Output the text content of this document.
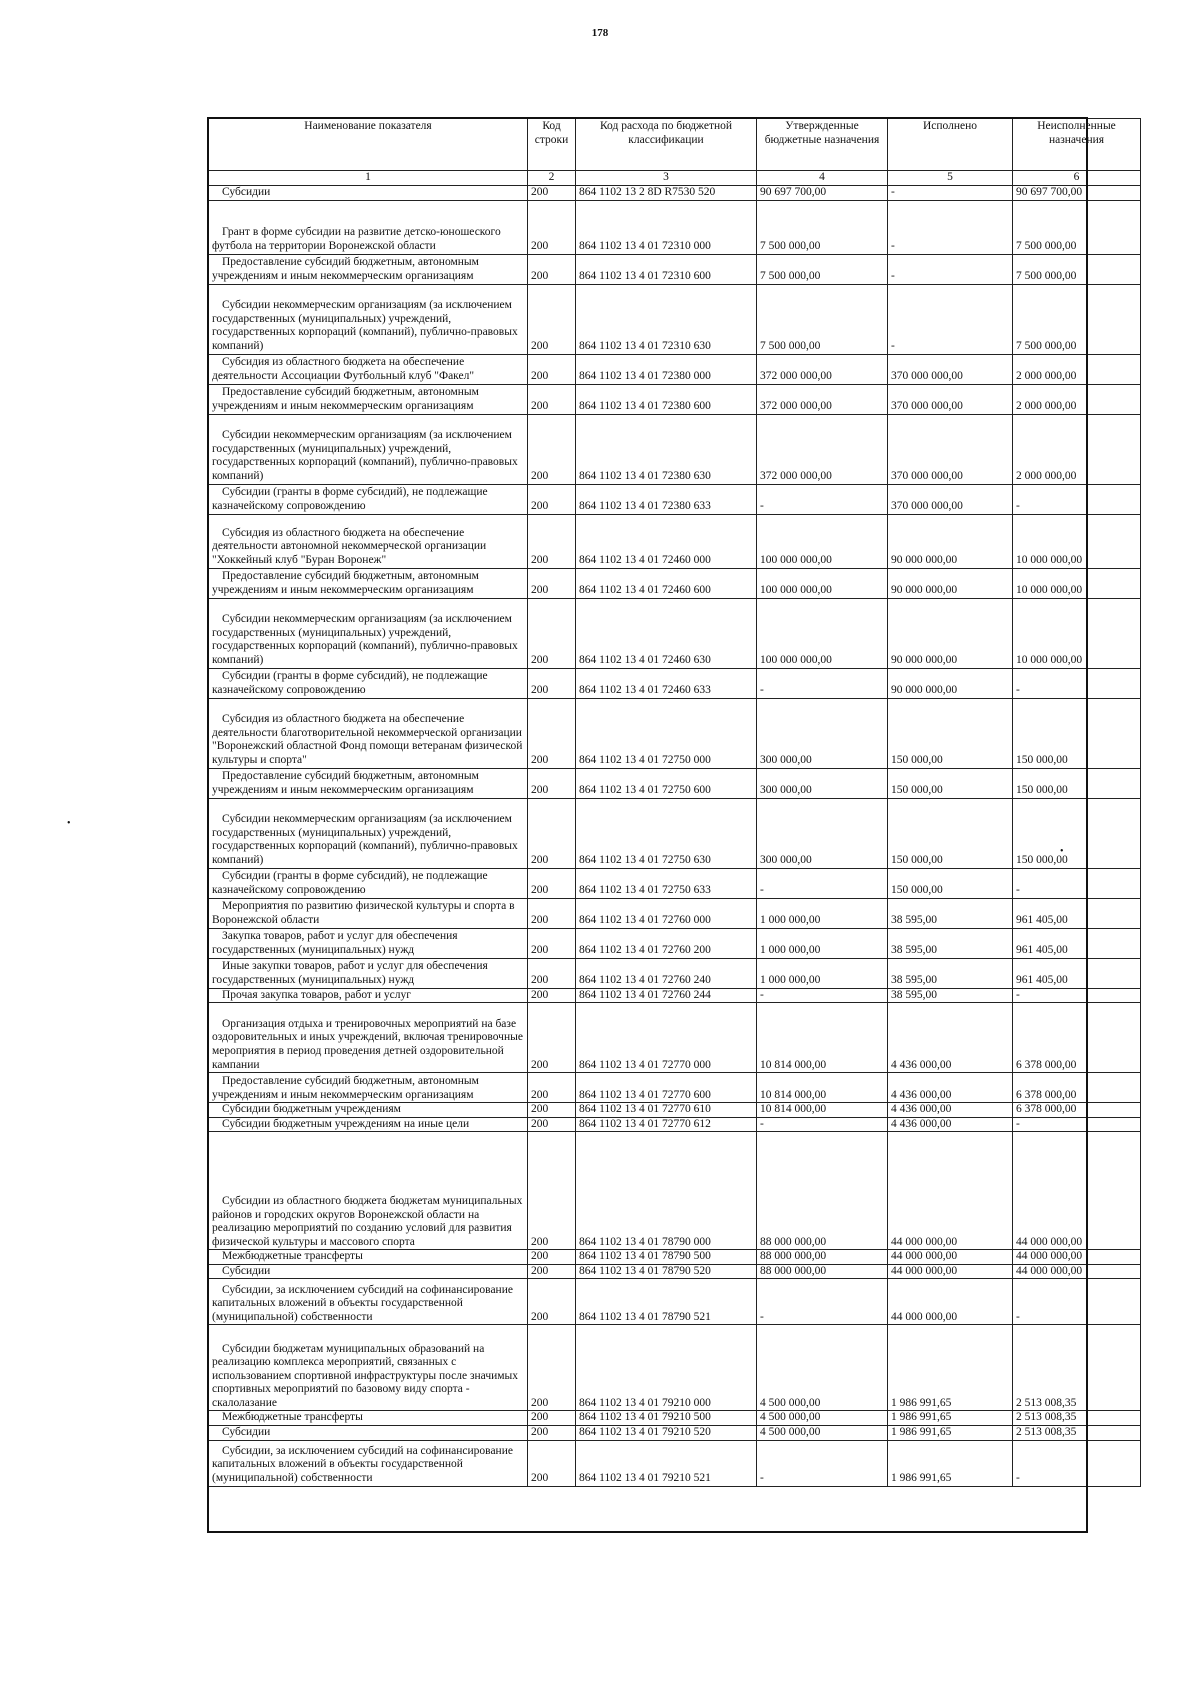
178
Наименование показателя	Код строки	Код расхода по бюджетной классификации	Утвержденные бюджетные назначения	Исполнено	Неисполненные назначения
1	2	3	4	5	6
Субсидии	200	864 1102 13 2 8D R7530 520	90 697 700,00	-	90 697 700,00
Грант в форме субсидии на развитие детско-юношеского футбола на территории Воронежской области	200	864 1102 13 4 01 72310 000	7 500 000,00	-	7 500 000,00
Предоставление субсидий бюджетным, автономным учреждениям и иным некоммерческим организациям	200	864 1102 13 4 01 72310 600	7 500 000,00	-	7 500 000,00
Субсидии некоммерческим организациям (за исключением государственных (муниципальных) учреждений, государственных корпораций (компаний), публично-правовых компаний)	200	864 1102 13 4 01 72310 630	7 500 000,00	-	7 500 000,00
Субсидия из областного бюджета на обеспечение деятельности Ассоциации Футбольный клуб "Факел"	200	864 1102 13 4 01 72380 000	372 000 000,00	370 000 000,00	2 000 000,00
Предоставление субсидий бюджетным, автономным учреждениям и иным некоммерческим организациям	200	864 1102 13 4 01 72380 600	372 000 000,00	370 000 000,00	2 000 000,00
Субсидии некоммерческим организациям (за исключением государственных (муниципальных) учреждений, государственных корпораций (компаний), публично-правовых компаний)	200	864 1102 13 4 01 72380 630	372 000 000,00	370 000 000,00	2 000 000,00
Субсидии (гранты в форме субсидий), не подлежащие казначейскому сопровождению	200	864 1102 13 4 01 72380 633	-	370 000 000,00	-
Субсидия из областного бюджета на обеспечение деятельности автономной некоммерческой организации "Хоккейный клуб "Буран Воронеж"	200	864 1102 13 4 01 72460 000	100 000 000,00	90 000 000,00	10 000 000,00
Предоставление субсидий бюджетным, автономным учреждениям и иным некоммерческим организациям	200	864 1102 13 4 01 72460 600	100 000 000,00	90 000 000,00	10 000 000,00
Субсидии некоммерческим организациям (за исключением государственных (муниципальных) учреждений, государственных корпораций (компаний), публично-правовых компаний)	200	864 1102 13 4 01 72460 630	100 000 000,00	90 000 000,00	10 000 000,00
Субсидии (гранты в форме субсидий), не подлежащие казначейскому сопровождению	200	864 1102 13 4 01 72460 633	-	90 000 000,00	-
Субсидия из областного бюджета на обеспечение деятельности благотворительной некоммерческой организации "Воронежский областной Фонд помощи ветеранам физической культуры и спорта"	200	864 1102 13 4 01 72750 000	300 000,00	150 000,00	150 000,00
Предоставление субсидий бюджетным, автономным учреждениям и иным некоммерческим организациям	200	864 1102 13 4 01 72750 600	300 000,00	150 000,00	150 000,00
Субсидии некоммерческим организациям (за исключением государственных (муниципальных) учреждений, государственных корпораций (компаний), публично-правовых компаний)	200	864 1102 13 4 01 72750 630	300 000,00	150 000,00	150 000,00
Субсидии (гранты в форме субсидий), не подлежащие казначейскому сопровождению	200	864 1102 13 4 01 72750 633	-	150 000,00	-
Мероприятия по развитию физической культуры и спорта в Воронежской области	200	864 1102 13 4 01 72760 000	1 000 000,00	38 595,00	961 405,00
Закупка товаров, работ и услуг для обеспечения государственных (муниципальных) нужд	200	864 1102 13 4 01 72760 200	1 000 000,00	38 595,00	961 405,00
Иные закупки товаров, работ и услуг для обеспечения государственных (муниципальных) нужд	200	864 1102 13 4 01 72760 240	1 000 000,00	38 595,00	961 405,00
Прочая закупка товаров, работ и услуг	200	864 1102 13 4 01 72760 244	-	38 595,00	-
Организация отдыха и тренировочных мероприятий на базе оздоровительных и иных учреждений, включая тренировочные мероприятия в период проведения детней оздоровительной кампании	200	864 1102 13 4 01 72770 000	10 814 000,00	4 436 000,00	6 378 000,00
Предоставление субсидий бюджетным, автономным учреждениям и иным некоммерческим организациям	200	864 1102 13 4 01 72770 600	10 814 000,00	4 436 000,00	6 378 000,00
Субсидии бюджетным учреждениям	200	864 1102 13 4 01 72770 610	10 814 000,00	4 436 000,00	6 378 000,00
Субсидии бюджетным учреждениям на иные цели	200	864 1102 13 4 01 72770 612	-	4 436 000,00	-
Субсидии из областного бюджета бюджетам муниципальных районов и городских округов Воронежской области на реализацию мероприятий по созданию условий для развития физической культуры и массового спорта	200	864 1102 13 4 01 78790 000	88 000 000,00	44 000 000,00	44 000 000,00
Межбюджетные трансферты	200	864 1102 13 4 01 78790 500	88 000 000,00	44 000 000,00	44 000 000,00
Субсидии	200	864 1102 13 4 01 78790 520	88 000 000,00	44 000 000,00	44 000 000,00
Субсидии, за исключением субсидий на софинансирование капитальных вложений в объекты государственной (муниципальной) собственности	200	864 1102 13 4 01 78790 521	-	44 000 000,00	-
Субсидии бюджетам муниципальных образований на реализацию комплекса мероприятий, связанных с использованием спортивной инфраструктуры после значимых спортивных мероприятий по базовому виду спорта - скалолазание	200	864 1102 13 4 01 79210 000	4 500 000,00	1 986 991,65	2 513 008,35
Межбюджетные трансферты	200	864 1102 13 4 01 79210 500	4 500 000,00	1 986 991,65	2 513 008,35
Субсидии	200	864 1102 13 4 01 79210 520	4 500 000,00	1 986 991,65	2 513 008,35
Субсидии, за исключением субсидий на софинансирование капитальных вложений в объекты государственной (муниципальной) собственности	200	864 1102 13 4 01 79210 521	-	1 986 991,65	-
•
•
